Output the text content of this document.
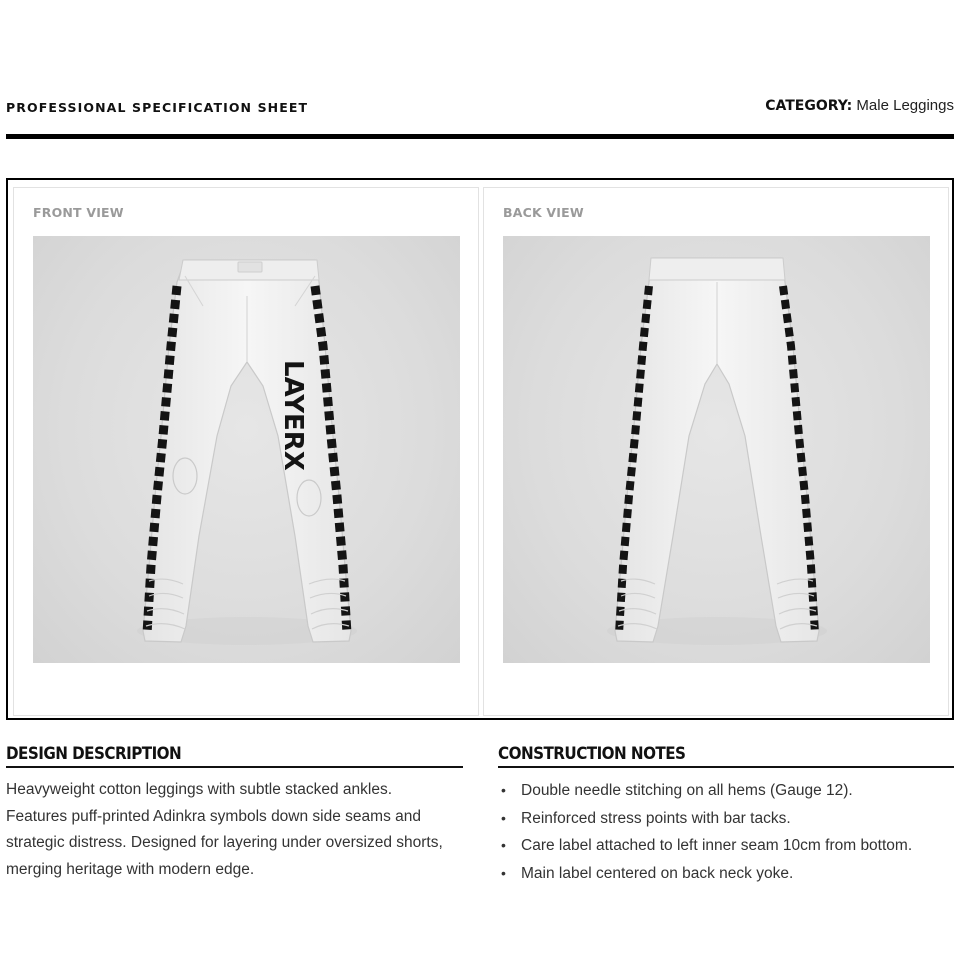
PROFESSIONAL SPECIFICATION SHEET	CATEGORY: Male Leggings
FRONT VIEW
LAYERX
BACK VIEW
DESIGN DESCRIPTION
Heavyweight cotton leggings with subtle stacked ankles.
Features puff-printed Adinkra symbols down side seams and
strategic distress. Designed for layering under oversized shorts,
merging heritage with modern edge.
CONSTRUCTION NOTES
• Double needle stitching on all hems (Gauge 12).
• Reinforced stress points with bar tacks.
• Care label attached to left inner seam 10cm from bottom.
• Main label centered on back neck yoke.
